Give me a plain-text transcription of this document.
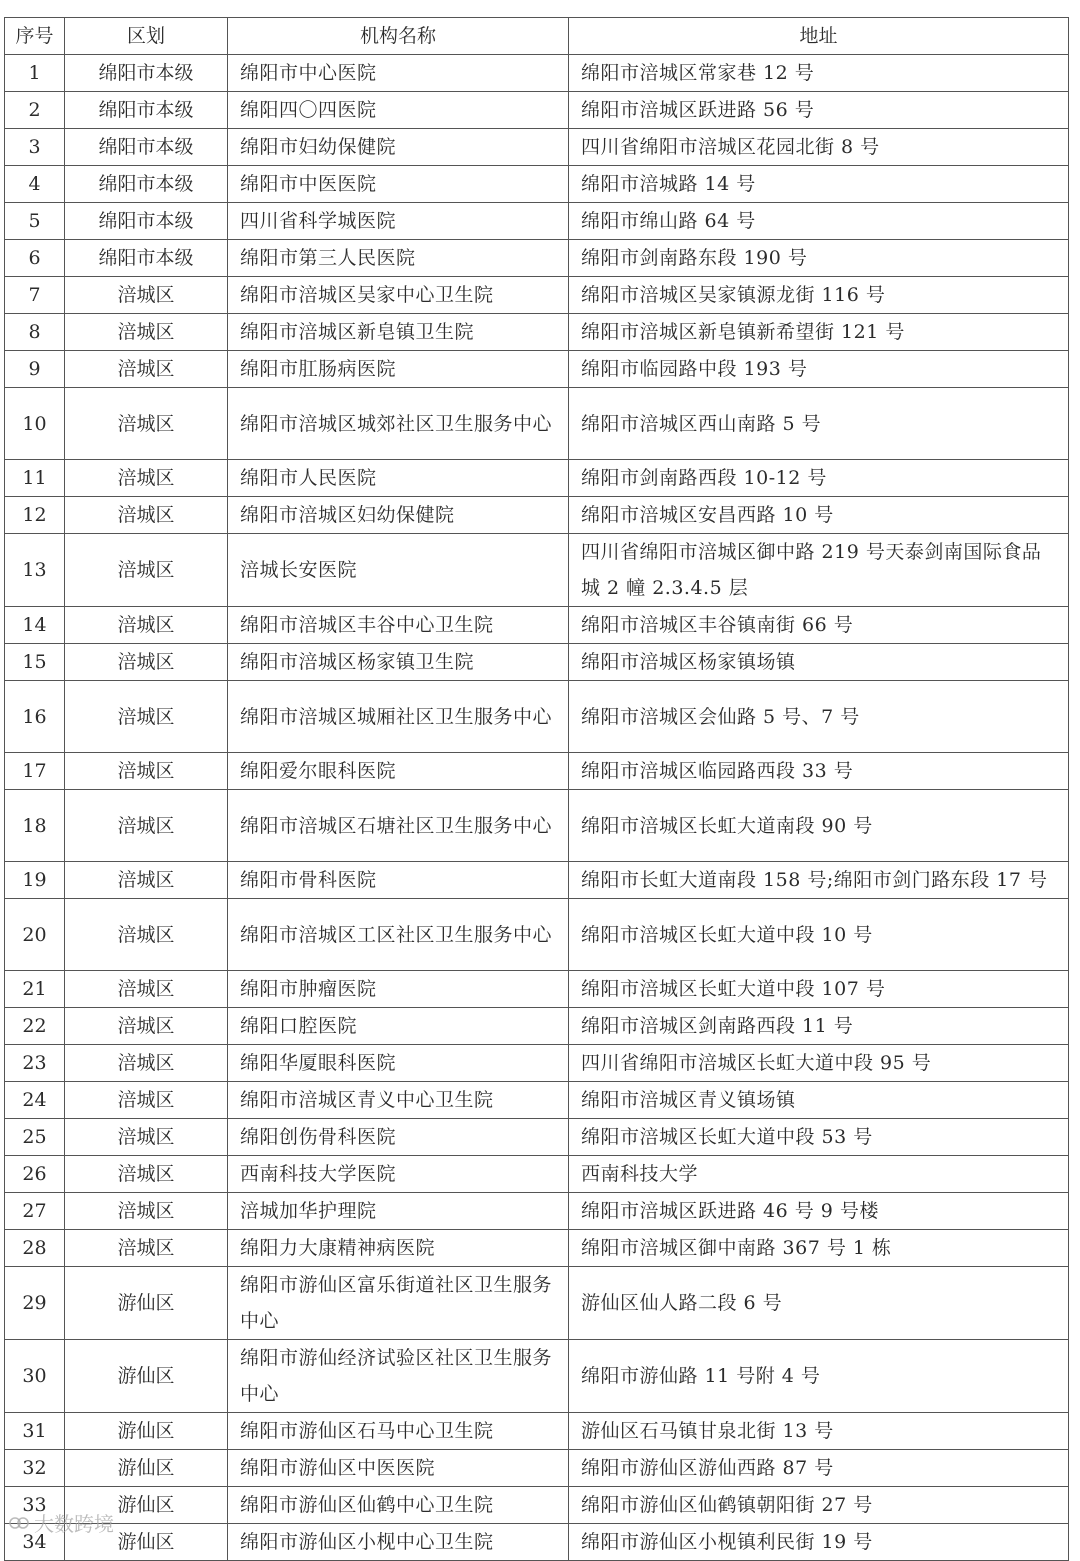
序号	区划	机构名称	地址
1	绵阳市本级	绵阳市中心医院	绵阳市涪城区常家巷 12 号
2	绵阳市本级	绵阳四〇四医院	绵阳市涪城区跃进路 56 号
3	绵阳市本级	绵阳市妇幼保健院	四川省绵阳市涪城区花园北街 8 号
4	绵阳市本级	绵阳市中医医院	绵阳市涪城路 14 号
5	绵阳市本级	四川省科学城医院	绵阳市绵山路 64 号
6	绵阳市本级	绵阳市第三人民医院	绵阳市剑南路东段 190 号
7	涪城区	绵阳市涪城区吴家中心卫生院	绵阳市涪城区吴家镇源龙街 116 号
8	涪城区	绵阳市涪城区新皂镇卫生院	绵阳市涪城区新皂镇新希望街 121 号
9	涪城区	绵阳市肛肠病医院	绵阳市临园路中段 193 号
10	涪城区	绵阳市涪城区城郊社区卫生服务中心	绵阳市涪城区西山南路 5 号
11	涪城区	绵阳市人民医院	绵阳市剑南路西段 10-12 号
12	涪城区	绵阳市涪城区妇幼保健院	绵阳市涪城区安昌西路 10 号
13	涪城区	涪城长安医院	四川省绵阳市涪城区御中路 219 号天泰剑南国际食品城 2 幢 2.3.4.5 层
14	涪城区	绵阳市涪城区丰谷中心卫生院	绵阳市涪城区丰谷镇南街 66 号
15	涪城区	绵阳市涪城区杨家镇卫生院	绵阳市涪城区杨家镇场镇
16	涪城区	绵阳市涪城区城厢社区卫生服务中心	绵阳市涪城区会仙路 5 号、7 号
17	涪城区	绵阳爱尔眼科医院	绵阳市涪城区临园路西段 33 号
18	涪城区	绵阳市涪城区石塘社区卫生服务中心	绵阳市涪城区长虹大道南段 90 号
19	涪城区	绵阳市骨科医院	绵阳市长虹大道南段 158 号;绵阳市剑门路东段 17 号
20	涪城区	绵阳市涪城区工区社区卫生服务中心	绵阳市涪城区长虹大道中段 10 号
21	涪城区	绵阳市肿瘤医院	绵阳市涪城区长虹大道中段 107 号
22	涪城区	绵阳口腔医院	绵阳市涪城区剑南路西段 11 号
23	涪城区	绵阳华厦眼科医院	四川省绵阳市涪城区长虹大道中段 95 号
24	涪城区	绵阳市涪城区青义中心卫生院	绵阳市涪城区青义镇场镇
25	涪城区	绵阳创伤骨科医院	绵阳市涪城区长虹大道中段 53 号
26	涪城区	西南科技大学医院	西南科技大学
27	涪城区	涪城加华护理院	绵阳市涪城区跃进路 46 号 9 号楼
28	涪城区	绵阳力大康精神病医院	绵阳市涪城区御中南路 367 号 1 栋
29	游仙区	绵阳市游仙区富乐街道社区卫生服务中心	游仙区仙人路二段 6 号
30	游仙区	绵阳市游仙经济试验区社区卫生服务中心	绵阳市游仙路 11 号附 4 号
31	游仙区	绵阳市游仙区石马中心卫生院	游仙区石马镇甘泉北街 13 号
32	游仙区	绵阳市游仙区中医医院	绵阳市游仙区游仙西路 87 号
33	游仙区	绵阳市游仙区仙鹤中心卫生院	绵阳市游仙区仙鹤镇朝阳街 27 号
34	游仙区	绵阳市游仙区小枧中心卫生院	绵阳市游仙区小枧镇利民街 19 号
大数跨境
